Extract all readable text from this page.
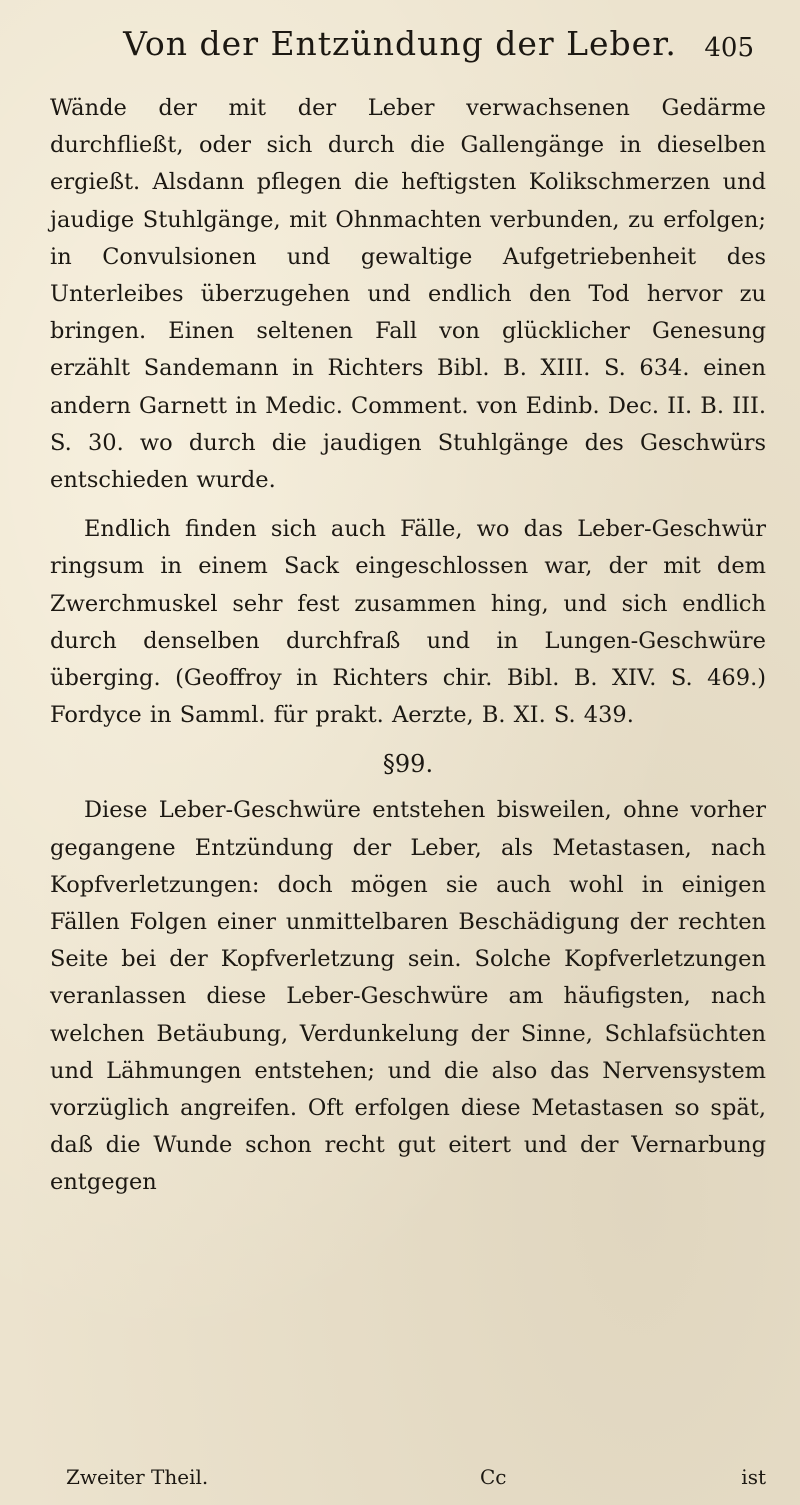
Von der Entzündung der Leber.	405

Wände der mit der Leber verwachsenen Gedärme durchfließt, oder sich durch die Gallengänge in dieselben ergießt. Alsdann pflegen die heftigsten Kolikschmerzen und jaudige Stuhlgänge, mit Ohnmachten verbunden, zu erfolgen; in Convulsionen und gewaltige Aufgetriebenheit des Unterleibes überzugehen und endlich den Tod hervor zu bringen. Einen seltenen Fall von glücklicher Genesung erzählt Sandemann in Richters Bibl. B. XIII. S. 634. einen andern Garnett in Medic. Comment. von Edinb. Dec. II. B. III. S. 30. wo durch die jaudigen Stuhlgänge des Geschwürs entschieden wurde.

Endlich finden sich auch Fälle, wo das Leber-Geschwür ringsum in einem Sack eingeschlossen war, der mit dem Zwerchmuskel sehr fest zusammen hing, und sich endlich durch denselben durchfraß und in Lungen-Geschwüre überging. (Geoffroy in Richters chir. Bibl. B. XIV. S. 469.) Fordyce in Samml. für prakt. Aerzte, B. XI. S. 439.

§99.

Diese Leber-Geschwüre entstehen bisweilen, ohne vorher gegangene Entzündung der Leber, als Metastasen, nach Kopfverletzungen: doch mögen sie auch wohl in einigen Fällen Folgen einer unmittelbaren Beschädigung der rechten Seite bei der Kopfverletzung sein. Solche Kopfverletzungen veranlassen diese Leber-Geschwüre am häufigsten, nach welchen Betäubung, Verdunkelung der Sinne, Schlafsüchten und Lähmungen entstehen; und die also das Nervensystem vorzüglich angreifen. Oft erfolgen diese Metastasen so spät, daß die Wunde schon recht gut eitert und der Vernarbung entgegen

Zweiter Theil.	Cc	ist
